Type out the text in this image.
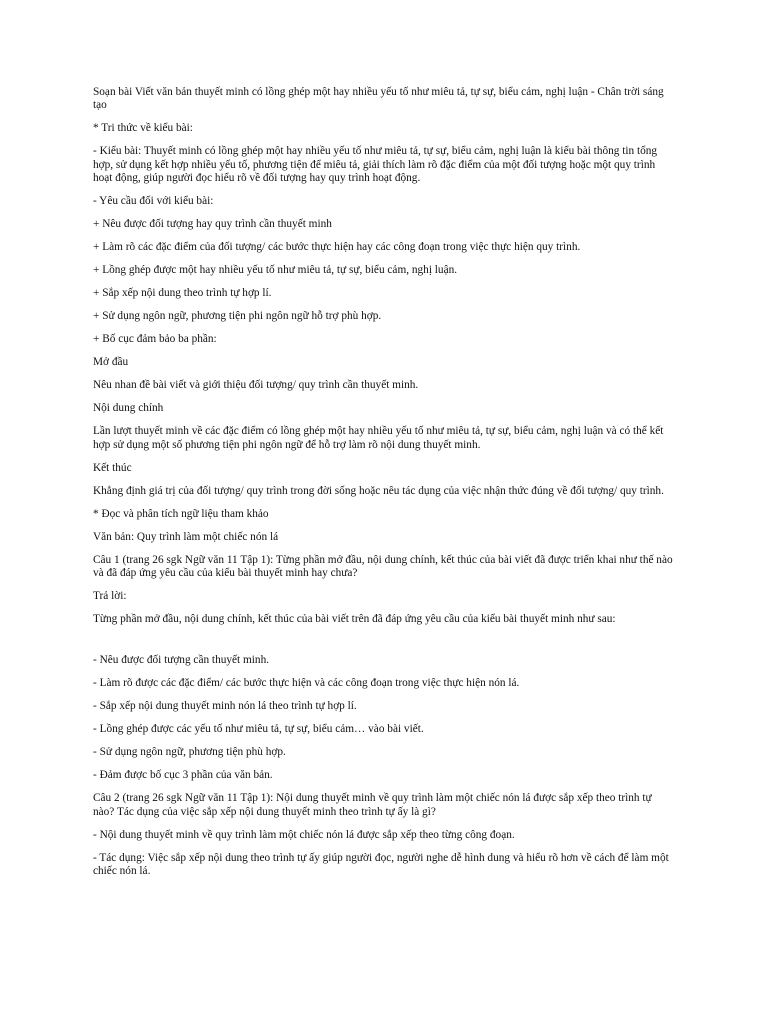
Soạn bài Viết văn bản thuyết minh có lồng ghép một hay nhiều yếu tố như miêu tả, tự sự, biểu cảm, nghị luận - Chân trời sáng tạo

* Tri thức về kiểu bài:

- Kiểu bài: Thuyết minh có lồng ghép một hay nhiều yếu tố như miêu tả, tự sự, biểu cảm, nghị luận là kiểu bài thông tin tổng hợp, sử dụng kết hợp nhiều yếu tố, phương tiện để miêu tả, giải thích làm rõ đặc điểm của một đối tượng hoặc một quy trình hoạt động, giúp người đọc hiểu rõ về đối tượng hay quy trình hoạt động.

- Yêu cầu đối với kiểu bài:

+ Nêu được đối tượng hay quy trình cần thuyết minh

+ Làm rõ các đặc điểm của đối tượng/ các bước thực hiện hay các công đoạn trong việc thực hiện quy trình.

+ Lồng ghép được một hay nhiều yếu tố như miêu tả, tự sự, biểu cảm, nghị luận.

+ Sắp xếp nội dung theo trình tự hợp lí.

+ Sử dụng ngôn ngữ, phương tiện phi ngôn ngữ hỗ trợ phù hợp.

+ Bố cục đảm bảo ba phần:

Mở đầu

Nêu nhan đề bài viết và giới thiệu đối tượng/ quy trình cần thuyết minh.

Nội dung chính

Lần lượt thuyết minh về các đặc điểm có lồng ghép một hay nhiều yếu tố như miêu tả, tự sự, biểu cảm, nghị luận và có thể kết hợp sử dụng một số phương tiện phi ngôn ngữ để hỗ trợ làm rõ nội dung thuyết minh.

Kết thúc

Khẳng định giá trị của đối tượng/ quy trình trong đời sống hoặc nêu tác dụng của việc nhận thức đúng về đối tượng/ quy trình.

* Đọc và phân tích ngữ liệu tham khảo

Văn bản: Quy trình làm một chiếc nón lá

Câu 1 (trang 26 sgk Ngữ văn 11 Tập 1): Từng phần mở đầu, nội dung chính, kết thúc của bài viết đã được triển khai như thế nào và đã đáp ứng yêu cầu của kiểu bài thuyết minh hay chưa?

Trả lời:

Từng phần mở đầu, nội dung chính, kết thúc của bài viết trên đã đáp ứng yêu cầu của kiểu bài thuyết minh như sau:

- Nêu được đối tượng cần thuyết minh.

- Làm rõ được các đặc điểm/ các bước thực hiện và các công đoạn trong việc thực hiện nón lá.

- Sắp xếp nội dung thuyết minh nón lá theo trình tự hợp lí.

- Lồng ghép được các yếu tố như miêu tả, tự sự, biểu cảm… vào bài viết.

- Sử dụng ngôn ngữ, phương tiện phù hợp.

- Đảm được bố cục 3 phần của văn bản.

Câu 2 (trang 26 sgk Ngữ văn 11 Tập 1): Nội dung thuyết minh về quy trình làm một chiếc nón lá được sắp xếp theo trình tự nào? Tác dụng của việc sắp xếp nội dung thuyết minh theo trình tự ấy là gì?

- Nội dung thuyết minh về quy trình làm một chiếc nón lá được sắp xếp theo từng công đoạn.

- Tác dụng: Việc sắp xếp nội dung theo trình tự ấy giúp người đọc, người nghe dễ hình dung và hiểu rõ hơn về cách để làm một chiếc nón lá.
